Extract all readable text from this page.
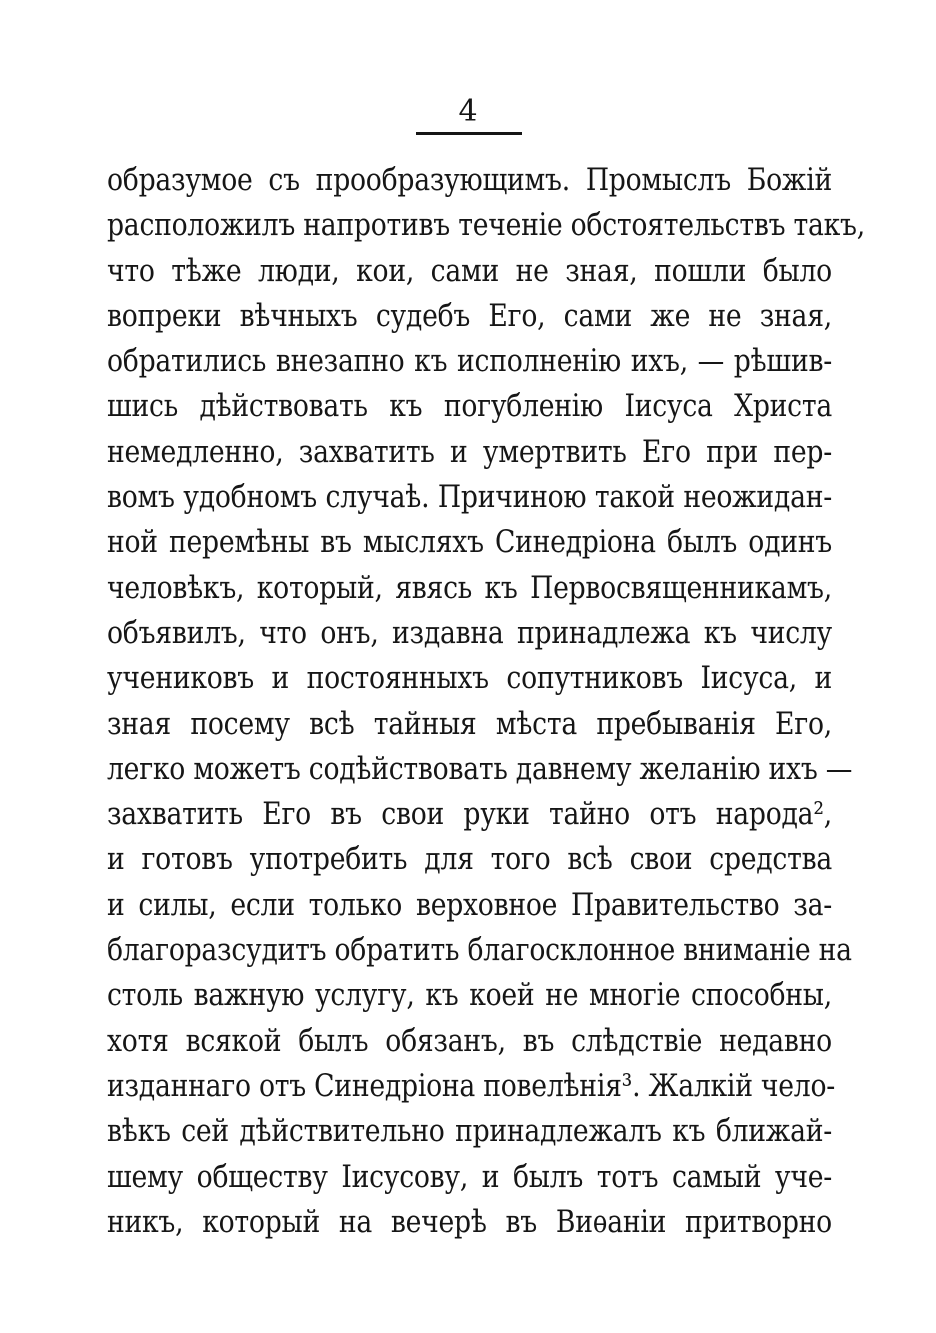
4
образумое съ прообразующимъ. Промыслъ Божій
расположилъ напротивъ теченіе обстоятельствъ такъ,
что тѣже люди, кои, сами не зная, пошли было
вопреки вѣчныхъ судебъ Его, сами же не зная,
обратились внезапно къ исполненію ихъ, — рѣшив-
шись дѣйствовать къ погубленію Іисуса Христа
немедленно, захватить и умертвить Его при пер-
вомъ удобномъ случаѣ. Причиною такой неожидан-
ной перемѣны въ мысляхъ Синедріона былъ одинъ
человѣкъ, который, явясь къ Первосвященникамъ,
объявилъ, что онъ, издавна принадлежа къ числу
учениковъ и постоянныхъ сопутниковъ Іисуса, и
зная посему всѣ тайныя мѣста пребыванія Его,
легко можетъ содѣйствовать давнему желанію ихъ —
захватить Его въ свои руки тайно отъ народа²,
и готовъ употребить для того всѣ свои средства
и силы, если только верховное Правительство за-
благоразсудитъ обратить благосклонное вниманіе на
столь важную услугу, къ коей не многіе способны,
хотя всякой былъ обязанъ, въ слѣдствіе недавно
изданнаго отъ Синедріона повелѣнія³. Жалкій чело-
вѣкъ сей дѣйствительно принадлежалъ къ ближай-
шему обществу Іисусову, и былъ тотъ самый уче-
никъ, который на вечерѣ въ Виѳаніи притворно
